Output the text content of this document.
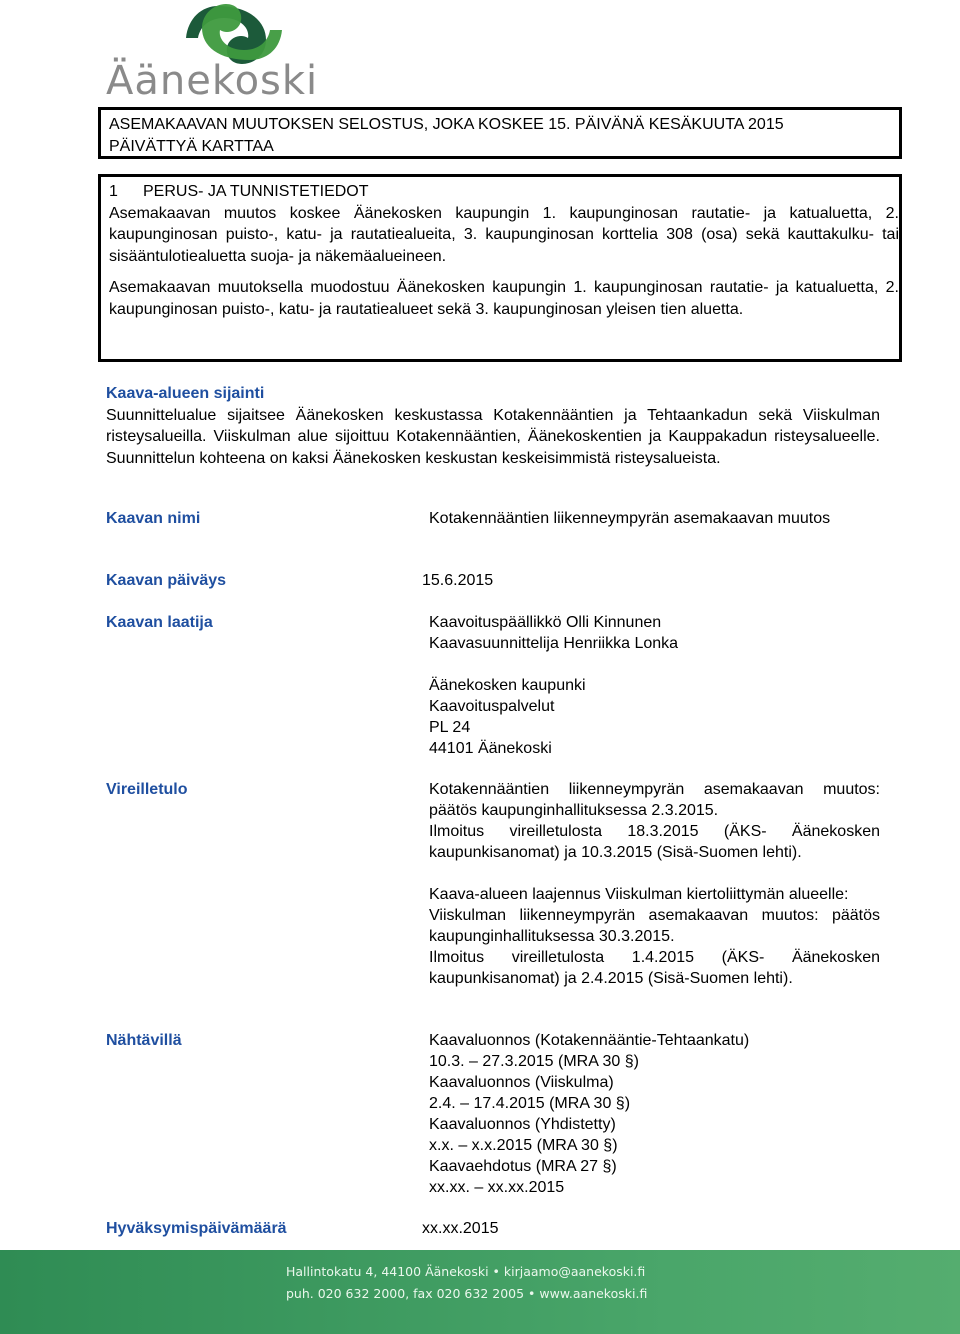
Äänekoski
ASEMAKAAVAN MUUTOKSEN SELOSTUS, JOKA KOSKEE 15. PÄIVÄNÄ KESÄKUUTA 2015
PÄIVÄTTYÄ KARTTAA
1 PERUS- JA TUNNISTETIEDOT

Asemakaavan muutos koskee Äänekosken kaupungin 1. kaupunginosan rautatie- ja katualuetta, 2. kaupunginosan puisto-, katu- ja rautatiealueita, 3. kaupunginosan korttelia 308 (osa) sekä kauttakulku- tai sisääntulotiealuetta suoja- ja näkemäalueineen.

Asemakaavan muutoksella muodostuu Äänekosken kaupungin 1. kaupunginosan rautatie- ja katualuetta, 2. kaupunginosan puisto-, katu- ja rautatiealueet sekä 3. kaupunginosan yleisen tien aluetta.

Kaava-alueen sijainti
Suunnittelualue sijaitsee Äänekosken keskustassa Kotakennääntien ja Tehtaankadun sekä Viiskulman risteysalueilla. Viiskulman alue sijoittuu Kotakennääntien, Äänekoskentien ja Kauppakadun risteysalueelle. Suunnittelun kohteena on kaksi Äänekosken keskustan keskeisimmistä risteysalueista.
Kaavan nimi	Kotakennääntien liikenneympyrän asemakaavan muutos
Kaavan päiväys	15.6.2015
Kaavan laatija	Kaavoituspäällikkö Olli Kinnunen
Kaavasuunnittelija Henriikka Lonka
Äänekosken kaupunki
Kaavoituspalvelut
PL 24
44101 Äänekoski
Vireilletulo	Kotakennääntien liikenneympyrän asemakaavan muutos: päätös kaupunginhallituksessa 2.3.2015.
Ilmoitus vireilletulosta 18.3.2015 (ÄKS- Äänekosken kaupunkisanomat) ja 10.3.2015 (Sisä-Suomen lehti).
Kaava-alueen laajennus Viiskulman kiertoliittymän alueelle:
Viiskulman liikenneympyrän asemakaavan muutos: päätös kaupunginhallituksessa 30.3.2015.
Ilmoitus vireilletulosta 1.4.2015 (ÄKS- Äänekosken kaupunkisanomat) ja 2.4.2015 (Sisä-Suomen lehti).
Nähtävillä	Kaavaluonnos (Kotakennääntie-Tehtaankatu)
10.3. – 27.3.2015 (MRA 30 §)
Kaavaluonnos (Viiskulma)
2.4. – 17.4.2015 (MRA 30 §)
Kaavaluonnos (Yhdistetty)
x.x. – x.x.2015 (MRA 30 §)
Kaavaehdotus (MRA 27 §)
xx.xx. – xx.xx.2015
Hyväksymispäivämäärä	xx.xx.2015
Hallintokatu 4, 44100 Äänekoski • kirjaamo@aanekoski.fi
puh. 020 632 2000, fax 020 632 2005 • www.aanekoski.fi
